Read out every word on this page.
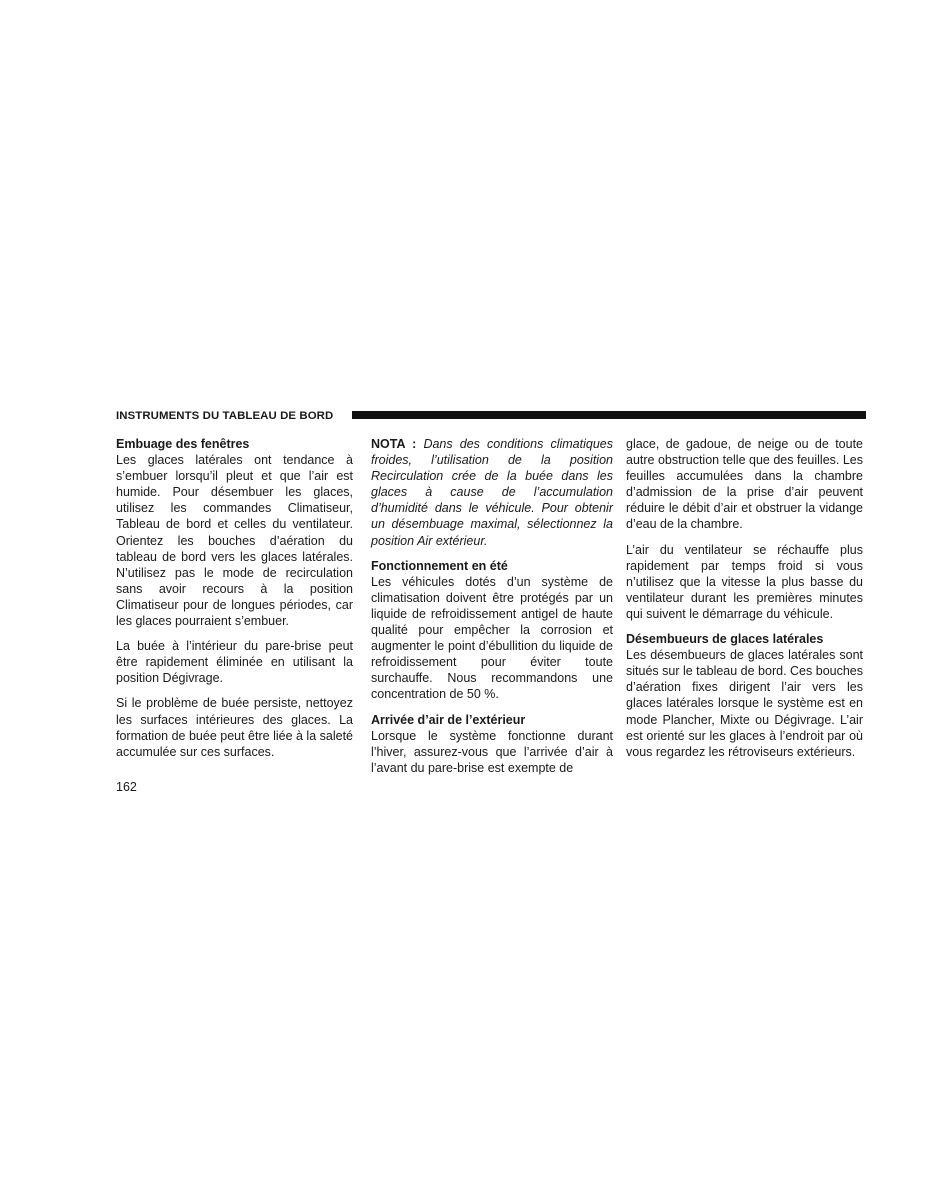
INSTRUMENTS DU TABLEAU DE BORD
Embuage des fenêtres

Les glaces latérales ont tendance à s’embuer lorsqu’il pleut et que l’air est humide. Pour désembuer les glaces, utilisez les commandes Climatiseur, Tableau de bord et celles du ventilateur. Orientez les bouches d’aération du tableau de bord vers les glaces latérales. N’utilisez pas le mode de recirculation sans avoir recours à la position Climatiseur pour de longues périodes, car les glaces pourraient s’embuer.

La buée à l’intérieur du pare-brise peut être rapidement éliminée en utilisant la position Dégivrage.

Si le problème de buée persiste, nettoyez les surfaces intérieures des glaces. La formation de buée peut être liée à la saleté accumulée sur ces surfaces.

NOTA : Dans des conditions climatiques froides, l’utilisation de la position Recirculation crée de la buée dans les glaces à cause de l’accumulation d’humidité dans le véhicule. Pour obtenir un désembuage maximal, sélectionnez la position Air extérieur.

Fonctionnement en été

Les véhicules dotés d’un système de climatisation doivent être protégés par un liquide de refroidissement antigel de haute qualité pour empêcher la corrosion et augmenter le point d’ébullition du liquide de refroidissement pour éviter toute surchauffe. Nous recommandons une concentration de 50 %.

Arrivée d’air de l’extérieur

Lorsque le système fonctionne durant l’hiver, assurez-vous que l’arrivée d’air à l’avant du pare-brise est exempte de

glace, de gadoue, de neige ou de toute autre obstruction telle que des feuilles. Les feuilles accumulées dans la chambre d’admission de la prise d’air peuvent réduire le débit d’air et obstruer la vidange d’eau de la chambre.

L’air du ventilateur se réchauffe plus rapidement par temps froid si vous n’utilisez que la vitesse la plus basse du ventilateur durant les premières minutes qui suivent le démarrage du véhicule.

Désembueurs de glaces latérales

Les désembueurs de glaces latérales sont situés sur le tableau de bord. Ces bouches d’aération fixes dirigent l’air vers les glaces latérales lorsque le système est en mode Plancher, Mixte ou Dégivrage. L’air est orienté sur les glaces à l’endroit par où vous regardez les rétroviseurs extérieurs.

162
